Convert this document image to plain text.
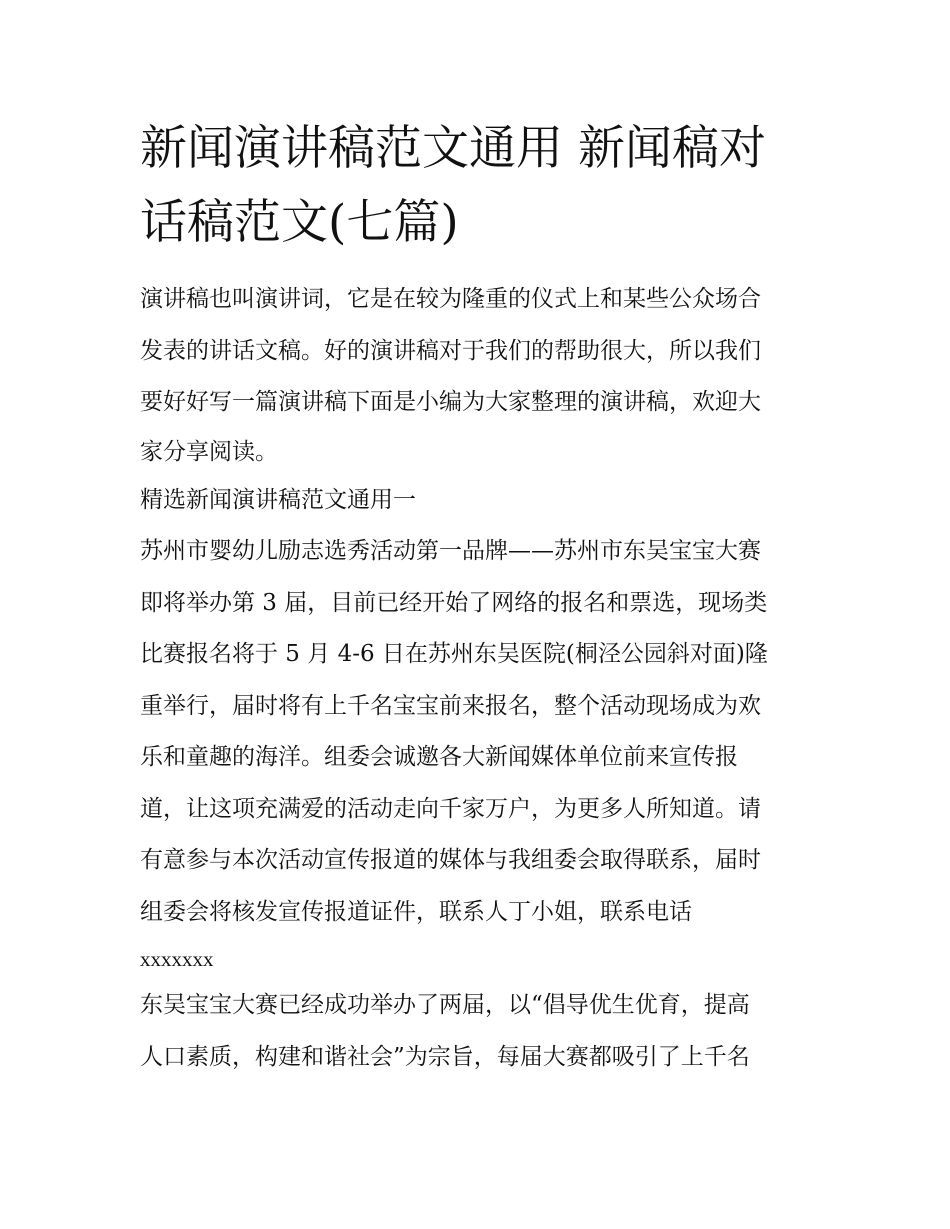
新闻演讲稿范文通用 新闻稿对
话稿范文(七篇)

演讲稿也叫演讲词，它是在较为隆重的仪式上和某些公众场合
发表的讲话文稿。好的演讲稿对于我们的帮助很大，所以我们
要好好写一篇演讲稿下面是小编为大家整理的演讲稿，欢迎大
家分享阅读。

精选新闻演讲稿范文通用一

苏州市婴幼儿励志选秀活动第一品牌——苏州市东吴宝宝大赛
即将举办第 3 届，目前已经开始了网络的报名和票选，现场类
比赛报名将于 5 月 4-6 日在苏州东吴医院(桐泾公园斜对面)隆
重举行，届时将有上千名宝宝前来报名，整个活动现场成为欢
乐和童趣的海洋。组委会诚邀各大新闻媒体单位前来宣传报
道，让这项充满爱的活动走向千家万户，为更多人所知道。请
有意参与本次活动宣传报道的媒体与我组委会取得联系，届时
组委会将核发宣传报道证件，联系人丁小姐，联系电话
xxxxxxx

东吴宝宝大赛已经成功举办了两届，以“倡导优生优育，提高
人口素质，构建和谐社会”为宗旨，每届大赛都吸引了上千名
